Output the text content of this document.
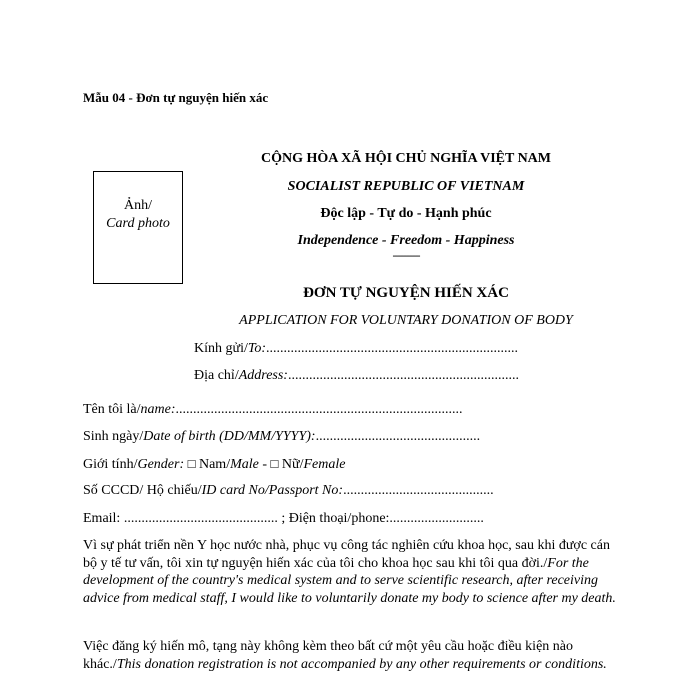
Mẫu 04 - Đơn tự nguyện hiến xác
Ảnh/
Card photo
CỘNG HÒA XÃ HỘI CHỦ NGHĨA VIỆT NAM
SOCIALIST REPUBLIC OF VIETNAM
Độc lập - Tự do - Hạnh phúc
Independence - Freedom - Happiness
---------
ĐƠN TỰ NGUYỆN HIẾN XÁC
APPLICATION FOR VOLUNTARY DONATION OF BODY
Kính gửi/To:........................................................................
Địa chỉ/Address:..................................................................
Tên tôi là/name:..................................................................................
Sinh ngày/Date of birth (DD/MM/YYYY):...............................................
Giới tính/Gender: □ Nam/Male - □ Nữ/Female
Số CCCD/ Hộ chiếu/ID card No/Passport No:...........................................
Email: ............................................ ; Điện thoại/phone:...........................
Vì sự phát triển nền Y học nước nhà, phục vụ công tác nghiên cứu khoa học, sau khi được cán bộ y tế tư vấn, tôi xin tự nguyện hiến xác của tôi cho khoa học sau khi tôi qua đời./For the development of the country's medical system and to serve scientific research, after receiving advice from medical staff, I would like to voluntarily donate my body to science after my death.
Việc đăng ký hiến mô, tạng này không kèm theo bất cứ một yêu cầu hoặc điều kiện nào khác./This donation registration is not accompanied by any other requirements or conditions.
